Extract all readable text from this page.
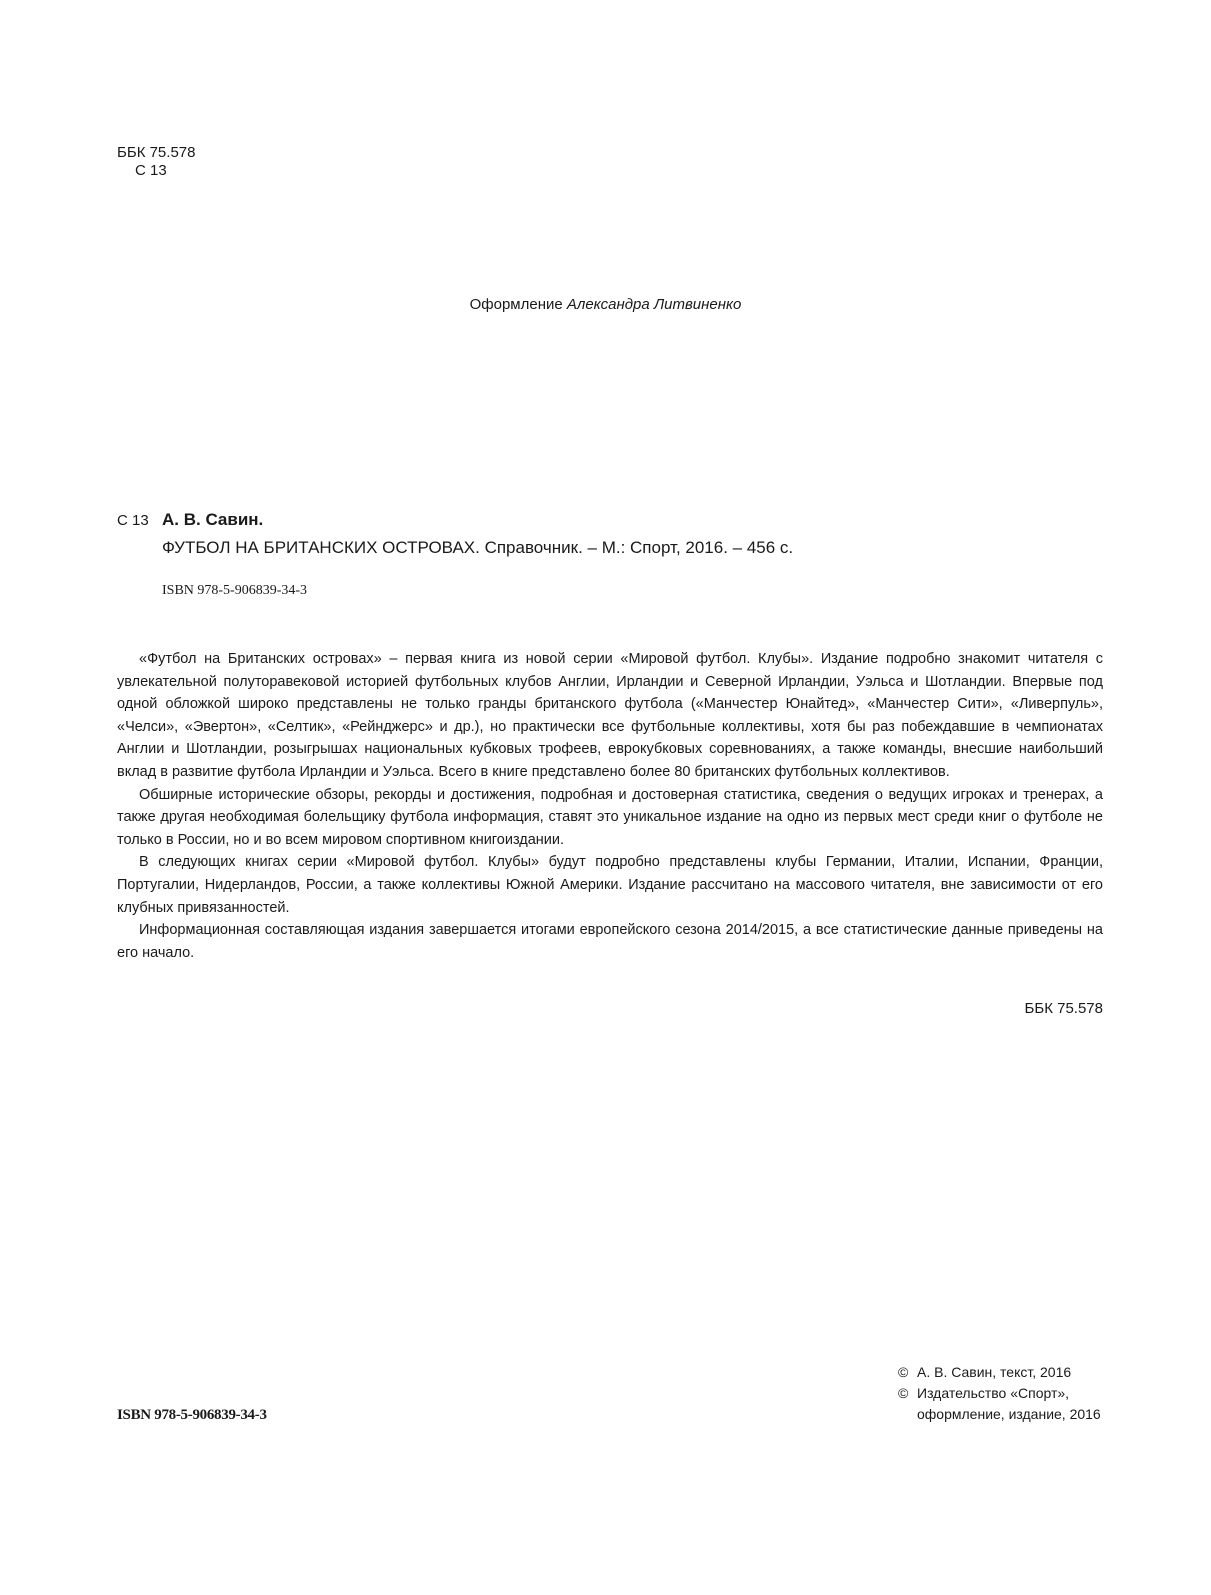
ББК 75.578
С 13
Оформление Александра Литвиненко
С 13 А. В. Савин.
ФУТБОЛ НА БРИТАНСКИХ ОСТРОВАХ. Справочник. – М.: Спорт, 2016. – 456 с.
ISBN 978-5-906839-34-3

«Футбол на Британских островах» – первая книга из новой серии «Мировой футбол. Клубы». Издание подробно знакомит читателя с увлекательной полуторавековой историей футбольных клубов Англии, Ирландии и Северной Ирландии, Уэльса и Шотландии. Впервые под одной обложкой широко представлены не только гранды британского футбола («Манчестер Юнайтед», «Манчестер Сити», «Ливерпуль», «Челси», «Эвертон», «Селтик», «Рейнджерс» и др.), но практически все футбольные коллективы, хотя бы раз побеждавшие в чемпионатах Англии и Шотландии, розыгрышах национальных кубковых трофеев, еврокубковых соревнованиях, а также команды, внесшие наибольший вклад в развитие футбола Ирландии и Уэльса. Всего в книге представлено более 80 британских футбольных коллективов.

Обширные исторические обзоры, рекорды и достижения, подробная и достоверная статистика, сведения о ведущих игроках и тренерах, а также другая необходимая болельщику футбола информация, ставят это уникальное издание на одно из первых мест среди книг о футболе не только в России, но и во всем мировом спортивном книгоиздании.

В следующих книгах серии «Мировой футбол. Клубы» будут подробно представлены клубы Германии, Италии, Испании, Франции, Португалии, Нидерландов, России, а также коллективы Южной Америки. Издание рассчитано на массового читателя, вне зависимости от его клубных привязанностей.

Информационная составляющая издания завершается итогами европейского сезона 2014/2015, а все статистические данные приведены на его начало.

ББК 75.578
ISBN 978-5-906839-34-3
© А. В. Савин, текст, 2016
© Издательство «Спорт»,
оформление, издание, 2016
